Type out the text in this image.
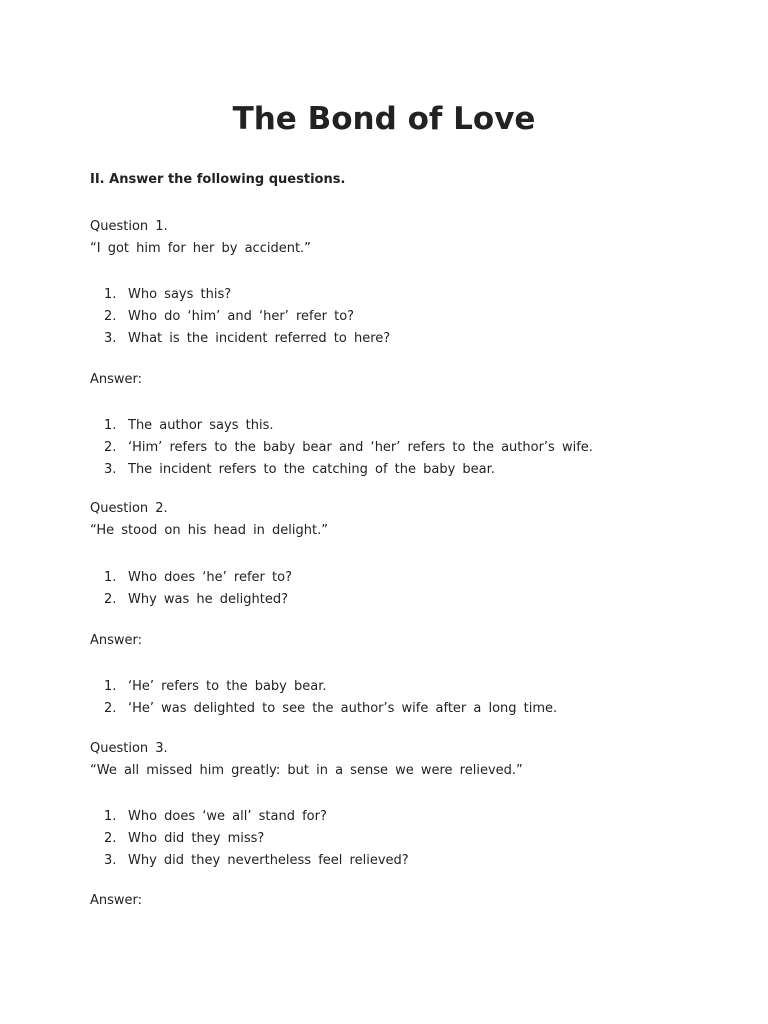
The Bond of Love
II. Answer the following questions.
Question 1.
“I got him for her by accident.”
1. Who says this?
2. Who do ‘him’ and ‘her’ refer to?
3. What is the incident referred to here?
Answer:
1. The author says this.
2. ‘Him’ refers to the baby bear and ‘her’ refers to the author’s wife.
3. The incident refers to the catching of the baby bear.
Question 2.
“He stood on his head in delight.”
1. Who does ‘he’ refer to?
2. Why was he delighted?
Answer:
1. ‘He’ refers to the baby bear.
2. ‘He’ was delighted to see the author’s wife after a long time.
Question 3.
“We all missed him greatly: but in a sense we were relieved.”
1. Who does ‘we all’ stand for?
2. Who did they miss?
3. Why did they nevertheless feel relieved?
Answer:
